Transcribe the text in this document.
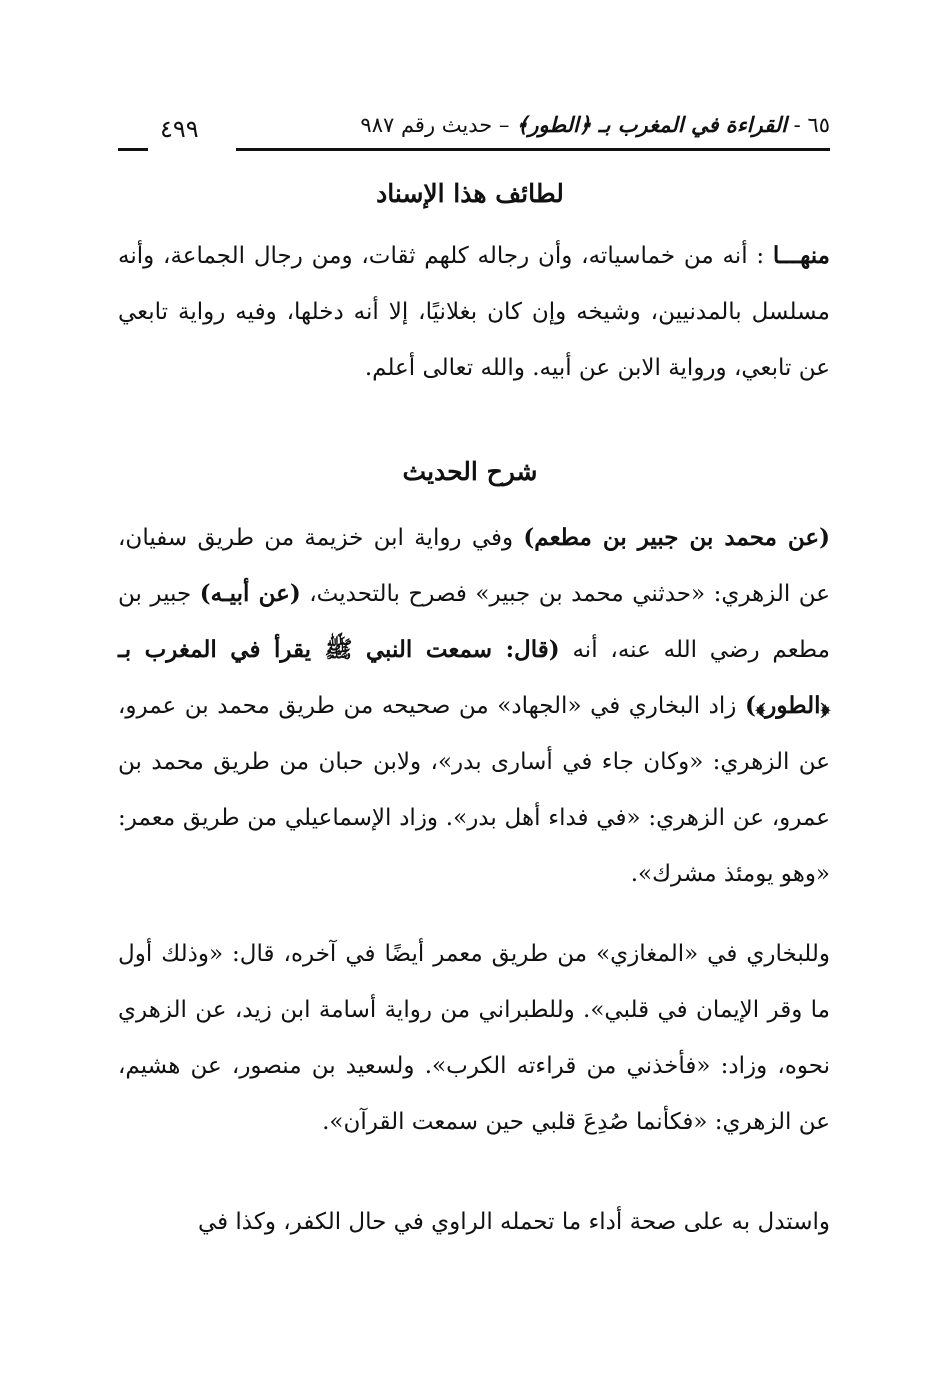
٦٥ - القراءة في المغرب بـ ﴿الطور﴾ – حديث رقم ٩٨٧
٤٩٩
لطائف هذا الإسناد
منهـــا : أنه من خماسياته، وأن رجاله كلهم ثقات، ومن رجال الجماعة، وأنه مسلسل بالمدنيين، وشيخه وإن كان بغلانيًا، إلا أنه دخلها، وفيه رواية تابعي عن تابعي، ورواية الابن عن أبيه. والله تعالى أعلم.
شرح الحديث
(عن محمد بن جبير بن مطعم) وفي رواية ابن خزيمة من طريق سفيان، عن الزهري: «حدثني محمد بن جبير» فصرح بالتحديث، (عن أبيـه) جبير بن مطعم رضي الله عنه، أنه (قال: سمعت النبي ﷺ يقرأ في المغرب بـ ﴿الطور﴾) زاد البخاري في «الجهاد» من صحيحه من طريق محمد بن عمرو، عن الزهري: «وكان جاء في أسارى بدر»، ولابن حبان من طريق محمد بن عمرو، عن الزهري: «في فداء أهل بدر». وزاد الإسماعيلي من طريق معمر: «وهو يومئذ مشرك».
وللبخاري في «المغازي» من طريق معمر أيضًا في آخره، قال: «وذلك أول ما وقر الإيمان في قلبي». وللطبراني من رواية أسامة ابن زيد، عن الزهري نحوه، وزاد: «فأخذني من قراءته الكرب». ولسعيد بن منصور، عن هشيم، عن الزهري: «فكأنما صُدِعَ قلبي حين سمعت القرآن».
واستدل به على صحة أداء ما تحمله الراوي في حال الكفر، وكذا في
